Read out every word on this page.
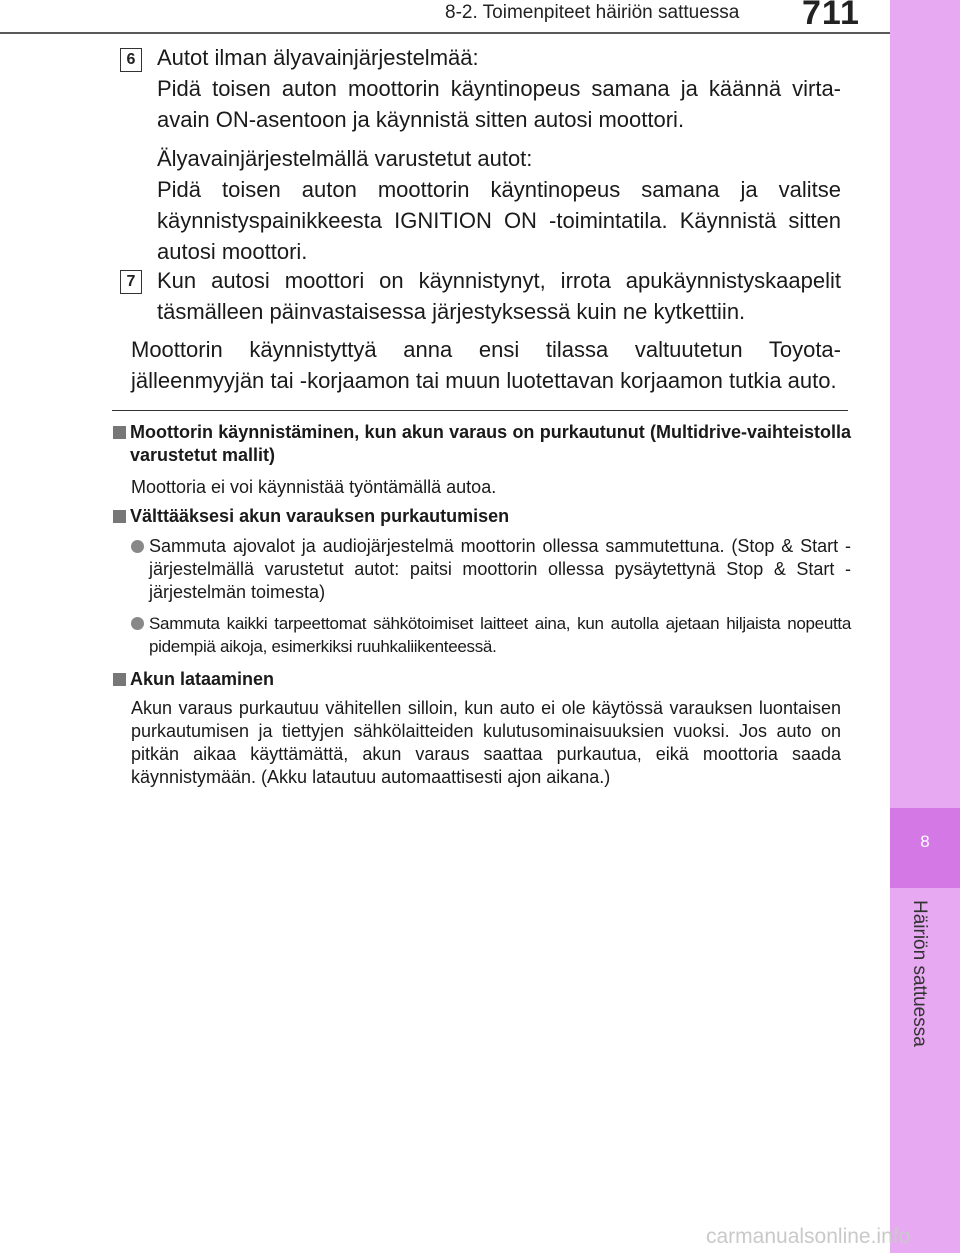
8-2. Toimenpiteet häiriön sattuessa 711
8
Häiriön sattuessa
6 Autot ilman älyavainjärjestelmää:

Pidä toisen auton moottorin käyntinopeus samana ja käännä virta-avain ON-asentoon ja käynnistä sitten autosi moottori.

Älyavainjärjestelmällä varustetut autot:

Pidä toisen auton moottorin käyntinopeus samana ja valitse käynnistyspainikkeesta IGNITION ON -toimintatila. Käynnistä sitten autosi moottori.

7 Kun autosi moottori on käynnistynyt, irrota apukäynnistyskaapelit täsmälleen päinvastaisessa järjestyksessä kuin ne kytkettiin.

Moottorin käynnistyttyä anna ensi tilassa valtuutetun Toyota-jälleenmyyjän tai -korjaamon tai muun luotettavan korjaamon tutkia auto.
Moottorin käynnistäminen, kun akun varaus on purkautunut (Multidrive-vaihteistolla varustetut mallit)
Moottoria ei voi käynnistää työntämällä autoa.
Välttääksesi akun varauksen purkautumisen
Sammuta ajovalot ja audiojärjestelmä moottorin ollessa sammutettuna. (Stop & Start -järjestelmällä varustetut autot: paitsi moottorin ollessa pysäytettynä Stop & Start -järjestelmän toimesta)
Sammuta kaikki tarpeettomat sähkötoimiset laitteet aina, kun autolla ajetaan hiljaista nopeutta pidempiä aikoja, esimerkiksi ruuhkaliikenteessä.
Akun lataaminen
Akun varaus purkautuu vähitellen silloin, kun auto ei ole käytössä varauksen luontaisen purkautumisen ja tiettyjen sähkölaitteiden kulutusominaisuuksien vuoksi. Jos auto on pitkän aikaa käyttämättä, akun varaus saattaa purkautua, eikä moottoria saada käynnistymään. (Akku latautuu automaattisesti ajon aikana.)
carmanualsonline.info
